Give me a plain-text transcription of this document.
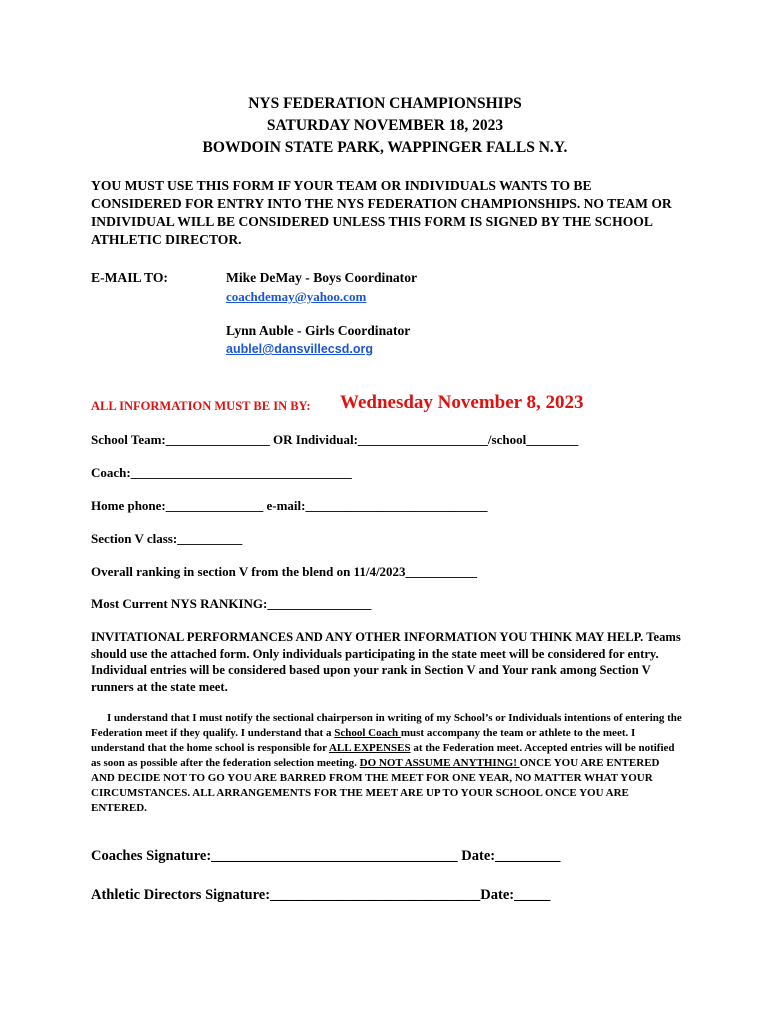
NYS FEDERATION CHAMPIONSHIPS
SATURDAY NOVEMBER 18, 2023
BOWDOIN STATE PARK, WAPPINGER FALLS N.Y.
YOU MUST USE THIS FORM IF YOUR TEAM OR INDIVIDUALS WANTS TO BE CONSIDERED FOR ENTRY INTO THE NYS FEDERATION CHAMPIONSHIPS. NO TEAM OR INDIVIDUAL WILL BE CONSIDERED UNLESS THIS FORM IS SIGNED BY THE SCHOOL ATHLETIC DIRECTOR.
E-MAIL TO:	Mike DeMay - Boys Coordinator
coachdemay@yahoo.com
Lynn Auble - Girls Coordinator
aublel@dansvillecsd.org
ALL INFORMATION MUST BE IN BY: Wednesday November 8, 2023
School Team:________________ OR Individual:____________________/school________
Coach:__________________________________
Home phone:_______________ e-mail:____________________________
Section V class:__________
Overall ranking in section V from the blend on 11/4/2023___________
Most Current NYS RANKING:________________
INVITATIONAL PERFORMANCES AND ANY OTHER INFORMATION YOU THINK MAY HELP. Teams should use the attached form. Only individuals participating in the state meet will be considered for entry. Individual entries will be considered based upon your rank in Section V and Your rank among Section V runners at the state meet.
I understand that I must notify the sectional chairperson in writing of my School’s or Individuals intentions of entering the Federation meet if they qualify. I understand that a School Coach must accompany the team or athlete to the meet. I understand that the home school is responsible for ALL EXPENSES at the Federation meet. Accepted entries will be notified as soon as possible after the federation selection meeting. DO NOT ASSUME ANYTHING! ONCE YOU ARE ENTERED AND DECIDE NOT TO GO YOU ARE BARRED FROM THE MEET FOR ONE YEAR, NO MATTER WHAT YOUR CIRCUMSTANCES. ALL ARRANGEMENTS FOR THE MEET ARE UP TO YOUR SCHOOL ONCE YOU ARE ENTERED.
Coaches Signature:__________________________________ Date:_________
Athletic Directors Signature:_____________________________Date:_____
